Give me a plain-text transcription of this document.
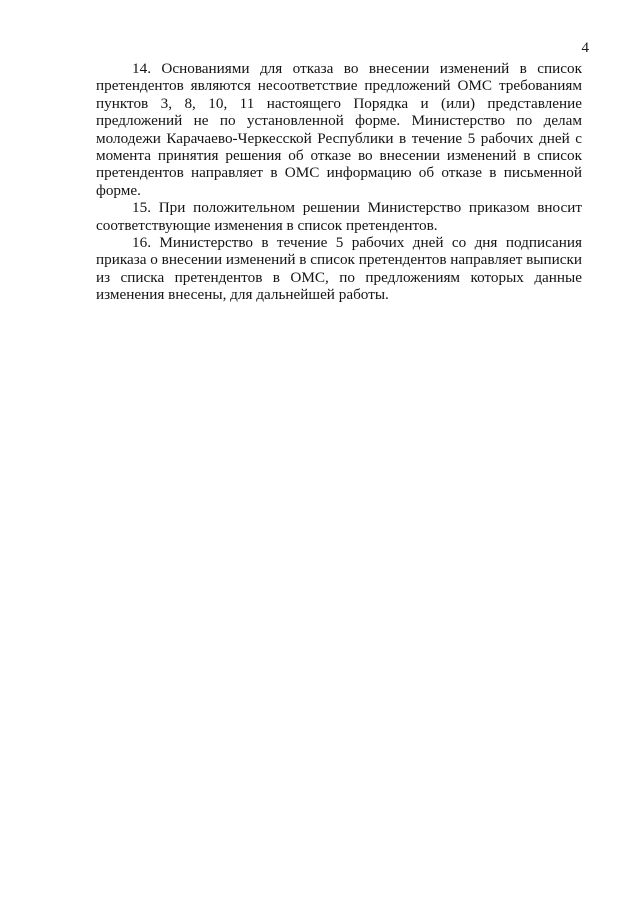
4

14. Основаниями для отказа во внесении изменений в список претендентов являются несоответствие предложений ОМС требованиям пунктов 3, 8, 10, 11 настоящего Порядка и (или) представление предложений не по установленной форме. Министерство по делам молодежи Карачаево-Черкесской Республики в течение 5 рабочих дней с момента принятия решения об отказе во внесении изменений в список претендентов направляет в ОМС информацию об отказе в письменной форме.

15. При положительном решении Министерство приказом вносит соответствующие изменения в список претендентов.

16. Министерство в течение 5 рабочих дней со дня подписания приказа о внесении изменений в список претендентов направляет выписки из списка претендентов в ОМС, по предложениям которых данные изменения внесены, для дальнейшей работы.
